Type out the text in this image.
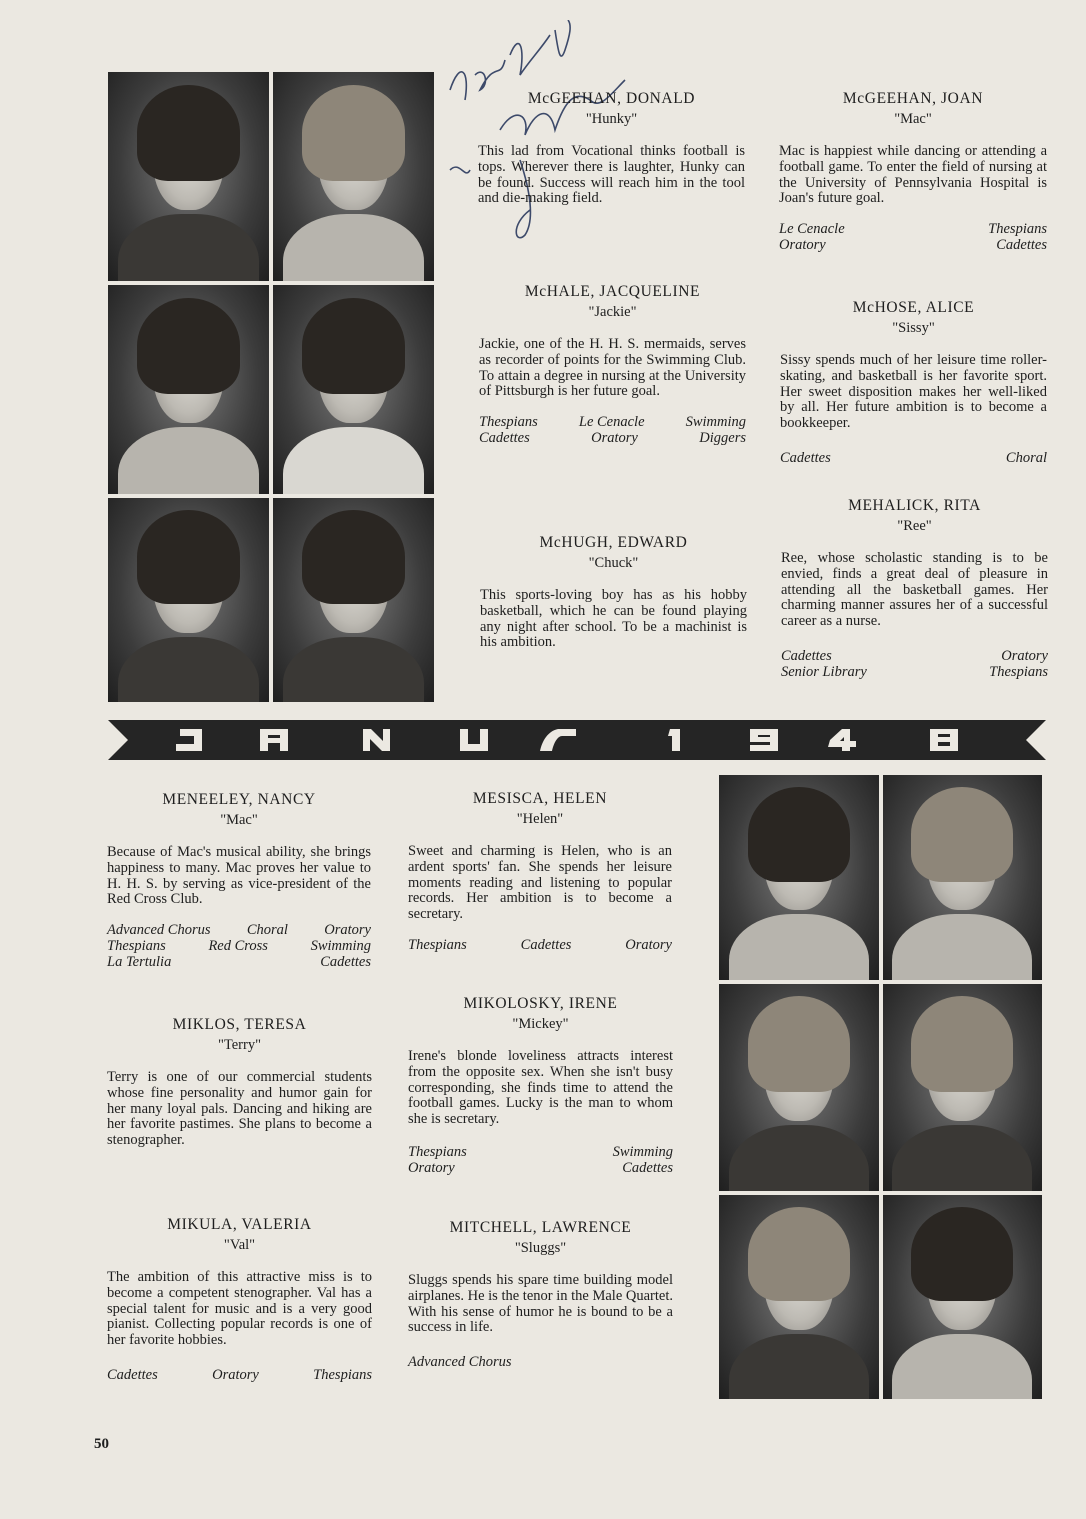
McGEEHAN, DONALD
"Hunky"
This lad from Vocational thinks football is tops. Wherever there is laughter, Hunky can be found. Success will reach him in the tool and die-making field.
McGEEHAN, JOAN
"Mac"
Mac is happiest while dancing or attending a football game. To enter the field of nursing at the University of Pennsylvania Hospital is Joan's future goal.
Le Cenacle	Thespians
Oratory	Cadettes
McHALE, JACQUELINE
"Jackie"
Jackie, one of the H. H. S. mermaids, serves as recorder of points for the Swimming Club. To attain a degree in nursing at the University of Pittsburgh is her future goal.
Thespians	Le Cenacle	Swimming
Cadettes	Oratory	Diggers
McHOSE, ALICE
"Sissy"
Sissy spends much of her leisure time roller-skating, and basketball is her favorite sport. Her sweet disposition makes her well-liked by all. Her future ambition is to become a bookkeeper.
Cadettes	Choral
McHUGH, EDWARD
"Chuck"
This sports-loving boy has as his hobby basketball, which he can be found playing any night after school. To be a machinist is his ambition.
MEHALICK, RITA
"Ree"
Ree, whose scholastic standing is to be envied, finds a great deal of pleasure in attending all the basketball games. Her charming manner assures her of a successful career as a nurse.
Cadettes	Oratory
Senior Library	Thespians
MENEELEY, NANCY
"Mac"
Because of Mac's musical ability, she brings happiness to many. Mac proves her value to H. H. S. by serving as vice-president of the Red Cross Club.
Advanced Chorus	Choral	Oratory
Thespians	Red Cross	Swimming
La Tertulia	Cadettes
MESISCA, HELEN
"Helen"
Sweet and charming is Helen, who is an ardent sports' fan. She spends her leisure moments reading and listening to popular records. Her ambition is to become a secretary.
Thespians	Cadettes	Oratory
MIKLOS, TERESA
"Terry"
Terry is one of our commercial students whose fine personality and humor gain for her many loyal pals. Dancing and hiking are her favorite pastimes. She plans to become a stenographer.
MIKOLOSKY, IRENE
"Mickey"
Irene's blonde loveliness attracts interest from the opposite sex. When she isn't busy corresponding, she finds time to attend the football games. Lucky is the man to whom she is secretary.
Thespians	Swimming
Oratory	Cadettes
MIKULA, VALERIA
"Val"
The ambition of this attractive miss is to become a competent stenographer. Val has a special talent for music and is a very good pianist. Collecting popular records is one of her favorite hobbies.
Cadettes	Oratory	Thespians
MITCHELL, LAWRENCE
"Sluggs"
Sluggs spends his spare time building model airplanes. He is the tenor in the Male Quartet. With his sense of humor he is bound to be a success in life.
Advanced Chorus
50
